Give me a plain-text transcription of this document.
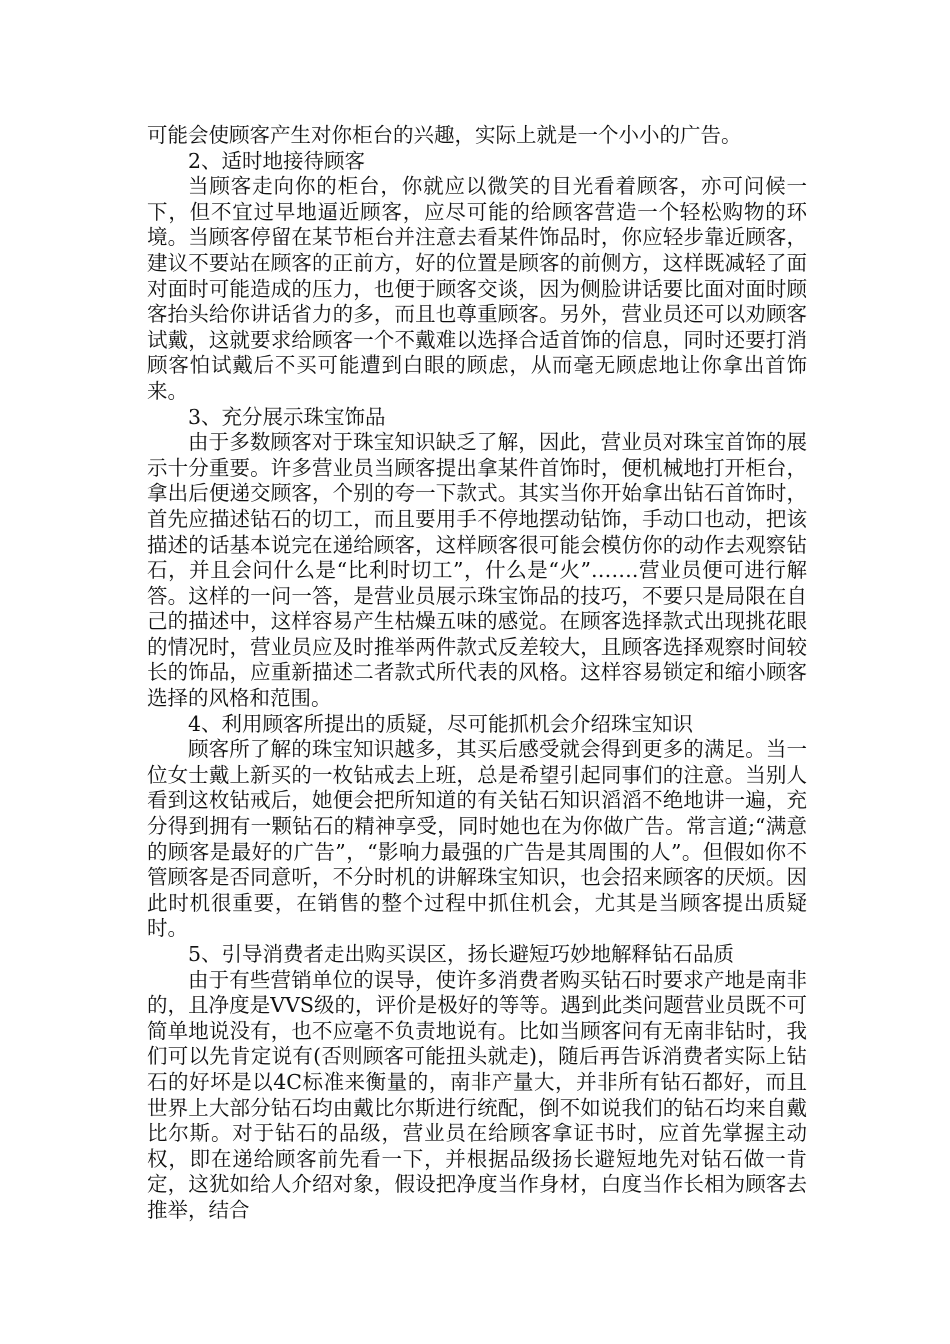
可能会使顾客产生对你柜台的兴趣，实际上就是一个小小的广告。

2、适时地接待顾客

当顾客走向你的柜台，你就应以微笑的目光看着顾客，亦可问候一下，但不宜过早地逼近顾客，应尽可能的给顾客营造一个轻松购物的环境。当顾客停留在某节柜台并注意去看某件饰品时，你应轻步靠近顾客，建议不要站在顾客的正前方，好的位置是顾客的前侧方，这样既减轻了面对面时可能造成的压力，也便于顾客交谈，因为侧脸讲话要比面对面时顾客抬头给你讲话省力的多，而且也尊重顾客。另外，营业员还可以劝顾客试戴，这就要求给顾客一个不戴难以选择合适首饰的信息，同时还要打消顾客怕试戴后不买可能遭到白眼的顾虑，从而毫无顾虑地让你拿出首饰来。

3、充分展示珠宝饰品

由于多数顾客对于珠宝知识缺乏了解，因此，营业员对珠宝首饰的展示十分重要。许多营业员当顾客提出拿某件首饰时，便机械地打开柜台，拿出后便递交顾客，个别的夸一下款式。其实当你开始拿出钻石首饰时，首先应描述钻石的切工，而且要用手不停地摆动钻饰，手动口也动，把该描述的话基本说完在递给顾客，这样顾客很可能会模仿你的动作去观察钻石，并且会问什么是“比利时切工”，什么是“火”…….营业员便可进行解答。这样的一问一答，是营业员展示珠宝饰品的技巧，不要只是局限在自己的描述中，这样容易产生枯燥五味的感觉。在顾客选择款式出现挑花眼的情况时，营业员应及时推举两件款式反差较大，且顾客选择观察时间较长的饰品，应重新描述二者款式所代表的风格。这样容易锁定和缩小顾客选择的风格和范围。

4、利用顾客所提出的质疑，尽可能抓机会介绍珠宝知识

顾客所了解的珠宝知识越多，其买后感受就会得到更多的满足。当一位女士戴上新买的一枚钻戒去上班，总是希望引起同事们的注意。当别人看到这枚钻戒后，她便会把所知道的有关钻石知识滔滔不绝地讲一遍，充分得到拥有一颗钻石的精神享受，同时她也在为你做广告。常言道;“满意的顾客是最好的广告”，“影响力最强的广告是其周围的人”。但假如你不管顾客是否同意听，不分时机的讲解珠宝知识，也会招来顾客的厌烦。因此时机很重要，在销售的整个过程中抓住机会，尤其是当顾客提出质疑时。

5、引导消费者走出购买误区，扬长避短巧妙地解释钻石品质

由于有些营销单位的误导，使许多消费者购买钻石时要求产地是南非的，且净度是VVS级的，评价是极好的等等。遇到此类问题营业员既不可简单地说没有，也不应毫不负责地说有。比如当顾客问有无南非钻时，我们可以先肯定说有(否则顾客可能扭头就走)，随后再告诉消费者实际上钻石的好坏是以4C标准来衡量的，南非产量大，并非所有钻石都好，而且世界上大部分钻石均由戴比尔斯进行统配，倒不如说我们的钻石均来自戴比尔斯。对于钻石的品级，营业员在给顾客拿证书时，应首先掌握主动权，即在递给顾客前先看一下，并根据品级扬长避短地先对钻石做一肯定，这犹如给人介绍对象，假设把净度当作身材，白度当作长相为顾客去推举，结合
